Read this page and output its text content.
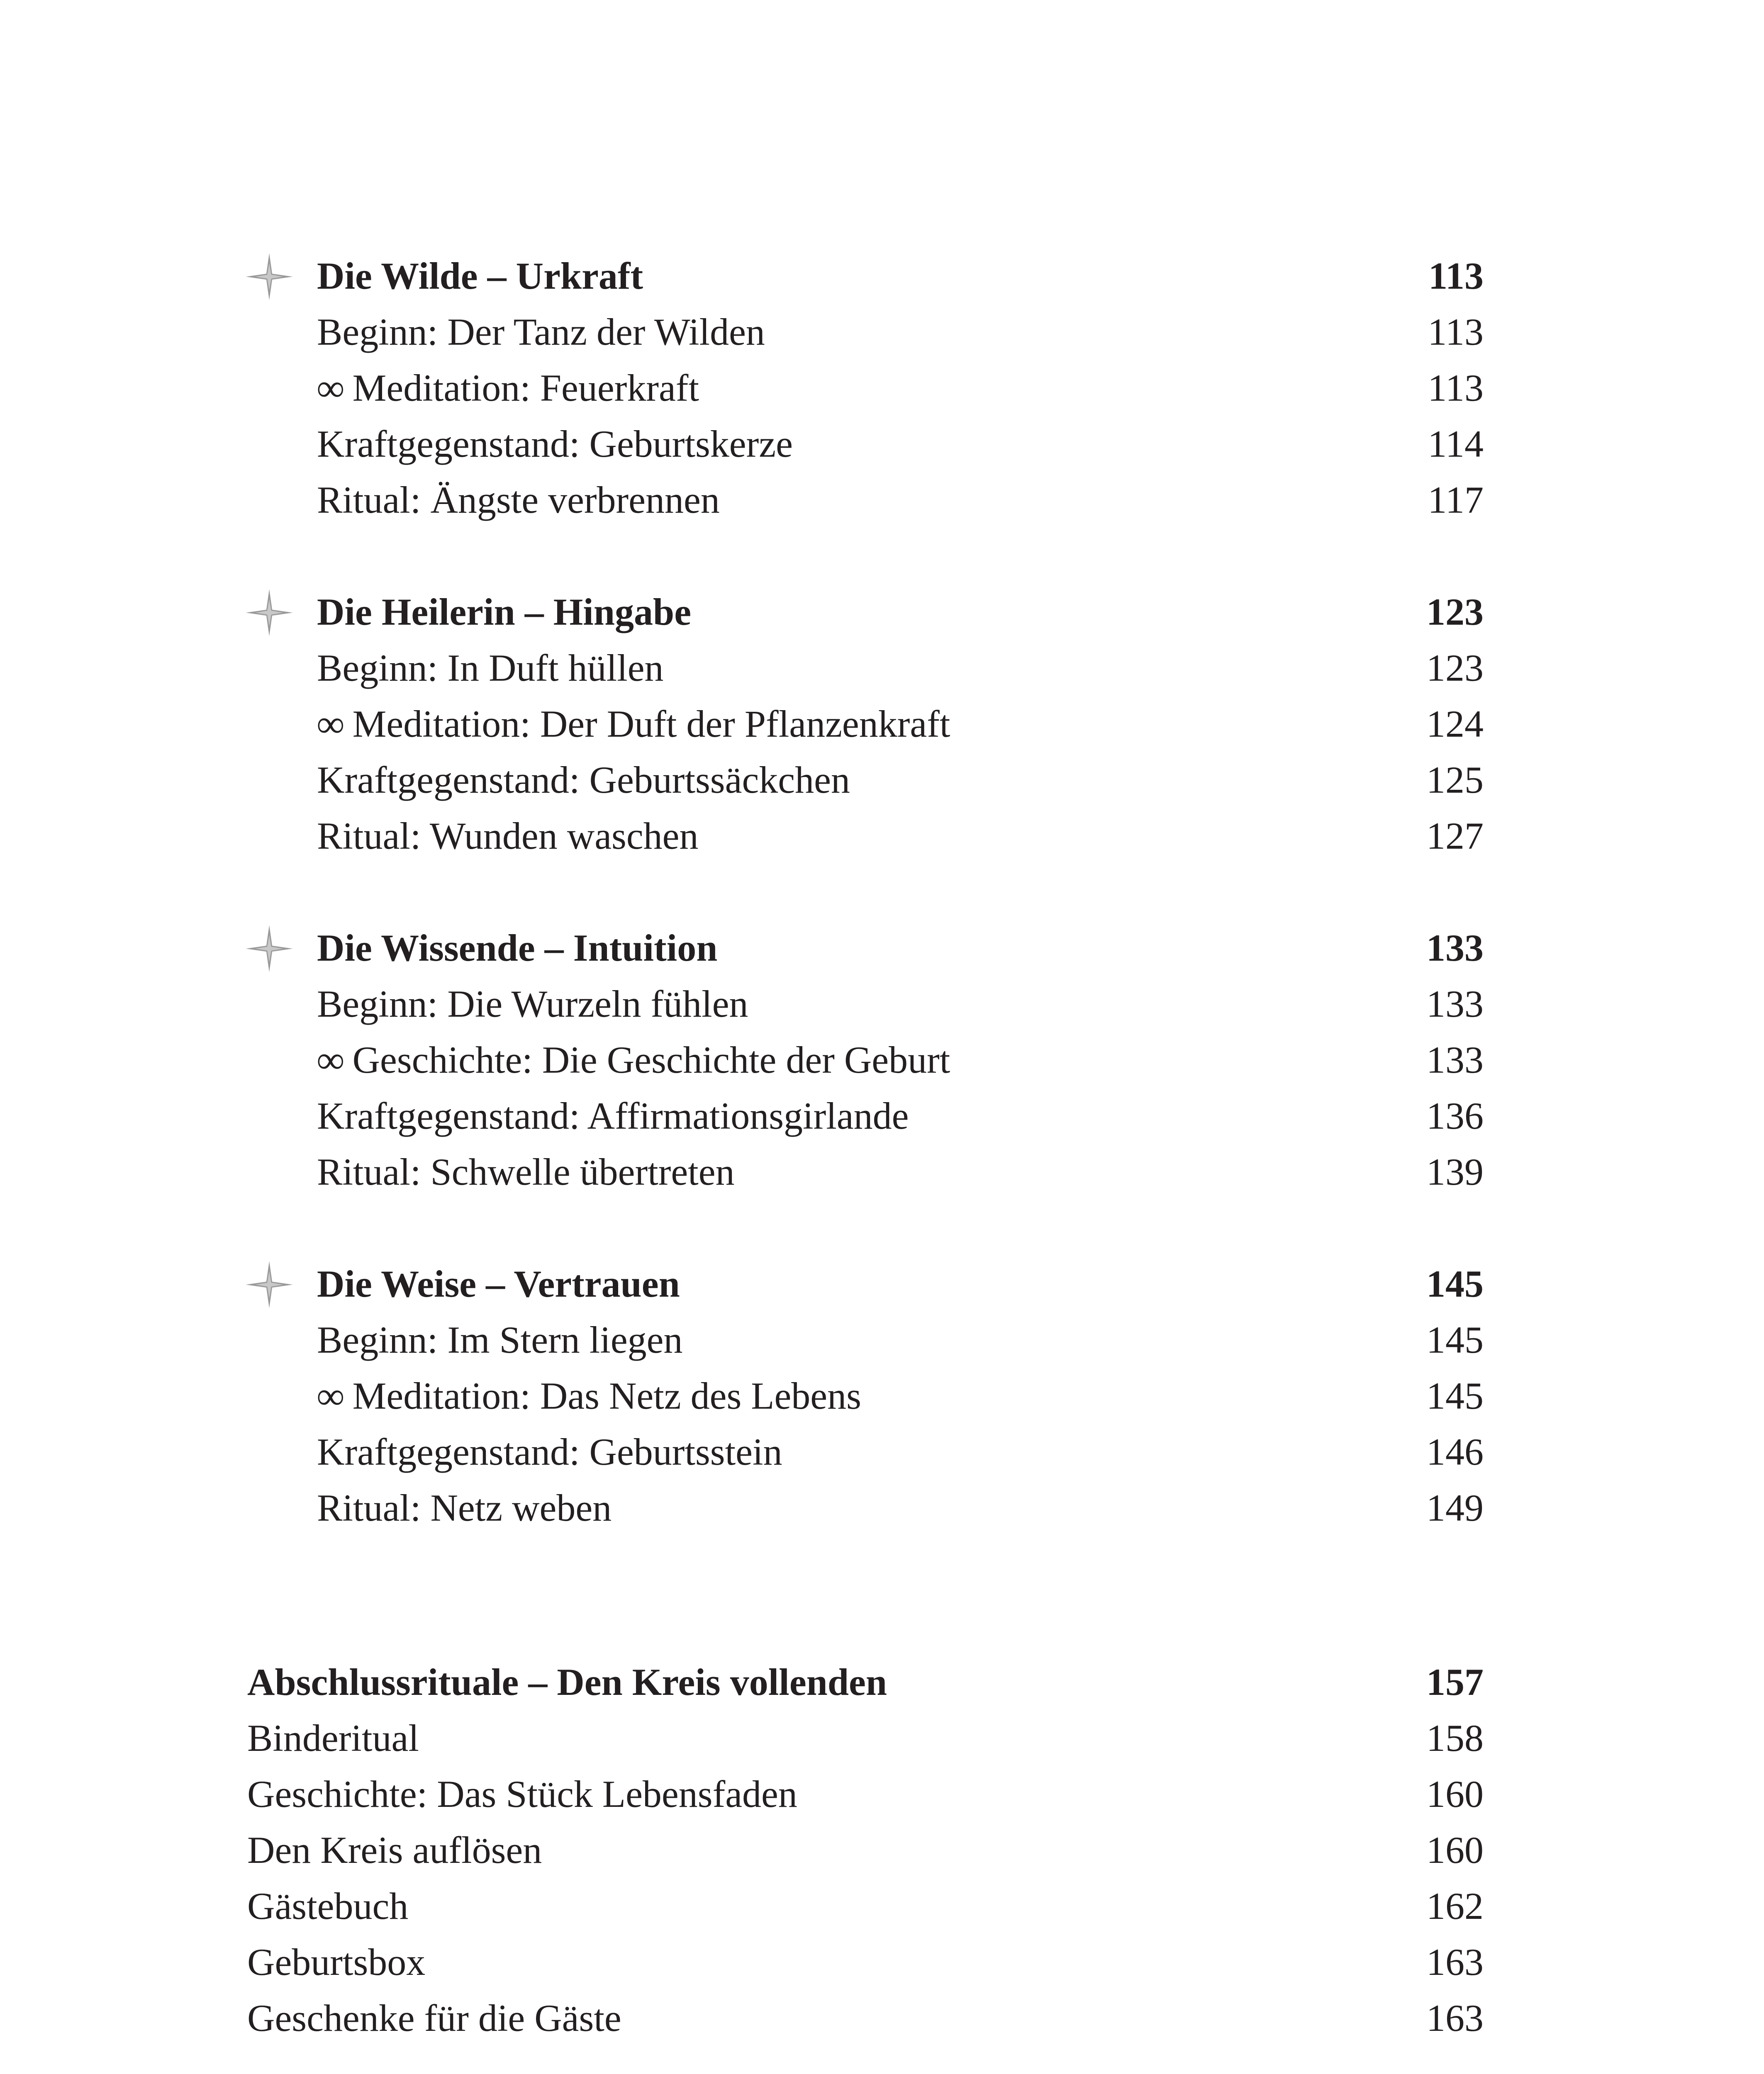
Die Wilde – Urkraft	113
Beginn: Der Tanz der Wilden	113
∞ Meditation: Feuerkraft	113
Kraftgegenstand: Geburtskerze	114
Ritual: Ängste verbrennen	117
Die Heilerin – Hingabe	123
Beginn: In Duft hüllen	123
∞ Meditation: Der Duft der Pflanzenkraft	124
Kraftgegenstand: Geburtssäckchen	125
Ritual: Wunden waschen	127
Die Wissende – Intuition	133
Beginn: Die Wurzeln fühlen	133
∞ Geschichte: Die Geschichte der Geburt	133
Kraftgegenstand: Affirmationsgirlande	136
Ritual: Schwelle übertreten	139
Die Weise – Vertrauen	145
Beginn: Im Stern liegen	145
∞ Meditation: Das Netz des Lebens	145
Kraftgegenstand: Geburtsstein	146
Ritual: Netz weben	149
Abschlussrituale – Den Kreis vollenden	157
Binderitual	158
Geschichte: Das Stück Lebensfaden	160
Den Kreis auflösen	160
Gästebuch	162
Geburtsbox	163
Geschenke für die Gäste	163
